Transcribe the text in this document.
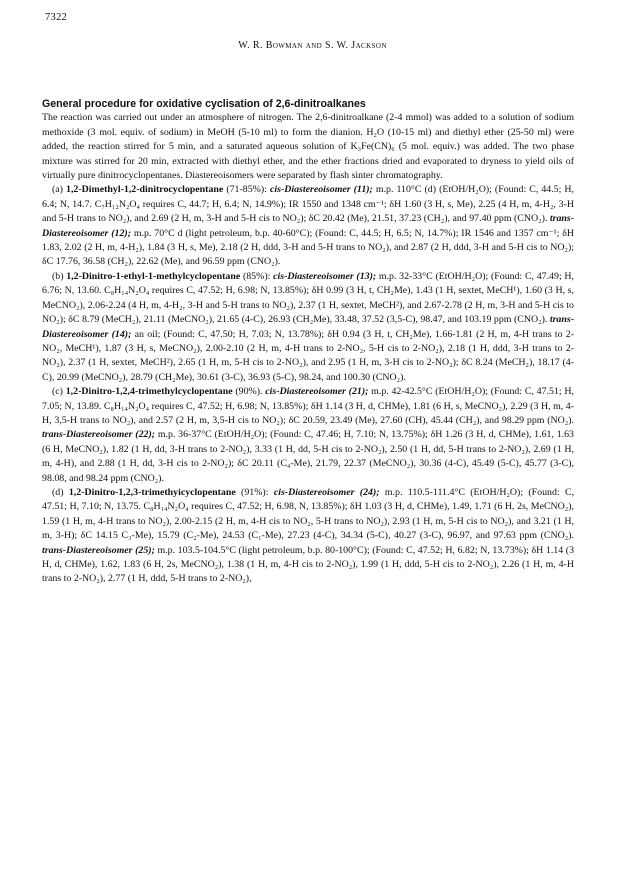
7322
W. R. Bowman and S. W. Jackson

General procedure for oxidative cyclisation of 2,6-dinitroalkanes

The reaction was carried out under an atmosphere of nitrogen. The 2,6-dinitroalkane (2-4 mmol) was added to a solution of sodium methoxide (3 mol. equiv. of sodium) in MeOH (5-10 ml) to form the dianion. H₂O (10-15 ml) and diethyl ether (25-50 ml) were added, the reaction stirred for 5 min, and a saturated aqueous solution of K₃Fe(CN)₆ (5 mol. equiv.) was added. The two phase mixture was stirred for 20 min, extracted with diethyl ether, and the ether fractions dried and evaporated to dryness to yield oils of virtually pure dinitrocyclopentanes. Diastereoisomers were separated by flash sinter chromatography.

(a) 1,2-Dimethyl-1,2-dinitrocyclopentane (71-85%): cis-Diastereoisomer (11); m.p. 110°C (d) (EtOH/H₂O); (Found: C, 44.5; H, 6.4; N, 14.7. C₇H₁₂N₂O₄ requires C, 44.7; H, 6.4; N, 14.9%); IR 1550 and 1348 cm⁻¹; δH 1.60 (3 H, s, Me), 2.25 (4 H, m, 4-H₂, 3-H and 5-H trans to NO₂), and 2.69 (2 H, m, 3-H and 5-H cis to NO₂); δC 20.42 (Me), 21.51, 37.23 (CH₂), and 97.40 ppm (CNO₂). trans-Diastereoisomer (12); m.p. 70°C d (light petroleum, b.p. 40-60°C); (Found: C, 44.5; H, 6.5; N, 14.7%); IR 1546 and 1357 cm⁻¹; δH 1.83, 2.02 (2 H, m, 4-H₂), 1.84 (3 H, s, Me), 2.18 (2 H, ddd, 3-H and 5-H trans to NO₂), and 2.87 (2 H, ddd, 3-H and 5-H cis to NO₂); δC 17.76, 36.58 (CH₂), 22.62 (Me), and 96.59 ppm (CNO₂).

(b) 1,2-Dinitro-1-ethyl-1-methylcyclopentane (85%): cis-Diastereoisomer (13); m.p. 32-33°C (EtOH/H₂O); (Found: C, 47.49; H, 6.76; N, 13.60. C₈H₁₄N₂O₄ requires C, 47.52; H, 6.98; N, 13.85%); δH 0.99 (3 H, t, CH₂Me), 1.43 (1 H, sextet, MeCH¹), 1.60 (3 H, s, MeCNO₂), 2.06-2.24 (4 H, m, 4-H₂, 3-H and 5-H trans to NO₂), 2.37 (1 H, sextet, MeCH²), and 2.67-2.78 (2 H, m, 3-H and 5-H cis to NO₂); δC 8.79 (MeCH₂), 21.11 (MeCNO₂), 21.65 (4-C), 26.93 (CH₂Me), 33.48, 37.52 (3,5-C), 98.47, and 103.19 ppm (CNO₂). trans-Diastereoisomer (14); an oil; (Found: C, 47.50; H, 7.03; N, 13.78%); δH 0.94 (3 H, t, CH₂Me), 1.66-1.81 (2 H, m, 4-H trans to 2-NO₂, MeCH¹), 1.87 (3 H, s, MeCNO₂), 2.00-2.10 (2 H, m, 4-H trans to 2-NO₂, 5-H cis to 2-NO₂), 2.18 (1 H, ddd, 3-H trans to 2-NO₂), 2.37 (1 H, sextet, MeCH²), 2.65 (1 H, m, 5-H cis to 2-NO₂), and 2.95 (1 H, m, 3-H cis to 2-NO₂); δC 8.24 (MeCH₂), 18.17 (4-C), 20.99 (MeCNO₂), 28.79 (CH₂Me), 30.61 (3-C), 36.93 (5-C), 98.24, and 100.30 (CNO₂).

(c) 1,2-Dinitro-1,2,4-trimethylcyclopentane (90%). cis-Diastereoisomer (21); m.p. 42-42.5°C (EtOH/H₂O); (Found: C, 47.51; H, 7.05; N, 13.89. C₈H₁₄N₂O₄ requires C, 47.52; H, 6.98; N, 13.85%); δH 1.14 (3 H, d, CHMe), 1.81 (6 H, s, MeCNO₂), 2.29 (3 H, m, 4-H, 3,5-H trans to NO₂), and 2.57 (2 H, m, 3,5-H cis to NO₂); δC 20.59, 23.49 (Me), 27.60 (CH), 45.44 (CH₂), and 98.29 ppm (NO₂). trans-Diastereoisomer (22); m.p. 36-37°C (EtOH/H₂O); (Found: C, 47.46; H, 7.10; N, 13.75%); δH 1.26 (3 H, d, CHMe), 1.61, 1.63 (6 H, MeCNO₂), 1.82 (1 H, dd, 3-H trans to 2-NO₂), 3.33 (1 H, dd, 5-H cis to 2-NO₂), 2.50 (1 H, dd, 5-H trans to 2-NO₂), 2.69 (1 H, m, 4-H), and 2.88 (1 H, dd, 3-H cis to 2-NO₂); δC 20.11 (C₄-Me), 21.79, 22.37 (MeCNO₂), 30.36 (4-C), 45.49 (5-C), 45.77 (3-C), 98.08, and 98.24 ppm (CNO₂).

(d) 1,2-Dinitro-1,2,3-trimethyicyclopentane (91%): cis-Diastereoisomer (24); m.p. 110.5-111.4°C (EtOH/H₂O); (Found: C, 47.51; H, 7.10; N, 13.75. C₈H₁₄N₂O₄ requires C, 47.52; H, 6.98, N, 13.85%); δH 1.03 (3 H, d, CHMe), 1.49, 1.71 (6 H, 2s, MeCNO₂), 1.59 (1 H, m, 4-H trans to NO₂), 2.00-2.15 (2 H, m, 4-H cis to NO₂, 5-H trans to NO₂), 2.93 (1 H, m, 5-H cis to NO₂), and 3.21 (1 H, m, 3-H); δC 14.15 C₃-Me), 15.79 (C₂-Me), 24.53 (C₁-Me), 27.23 (4-C), 34.34 (5-C), 40.27 (3-C), 96.97, and 97.63 ppm (CNO₂). trans-Diastereoisomer (25); m.p. 103.5-104.5°C (light petroleum, b.p. 80-100°C); (Found: C, 47.52; H, 6.82; N, 13.73%); δH 1.14 (3 H, d, CHMe), 1.62, 1.83 (6 H, 2s, MeCNO₂), 1.38 (1 H, m, 4-H cis to 2-NO₂), 1.99 (1 H, ddd, 5-H cis to 2-NO₂), 2.26 (1 H, m, 4-H trans to 2-NO₂), 2.77 (1 H, ddd, 5-H trans to 2-NO₂),
